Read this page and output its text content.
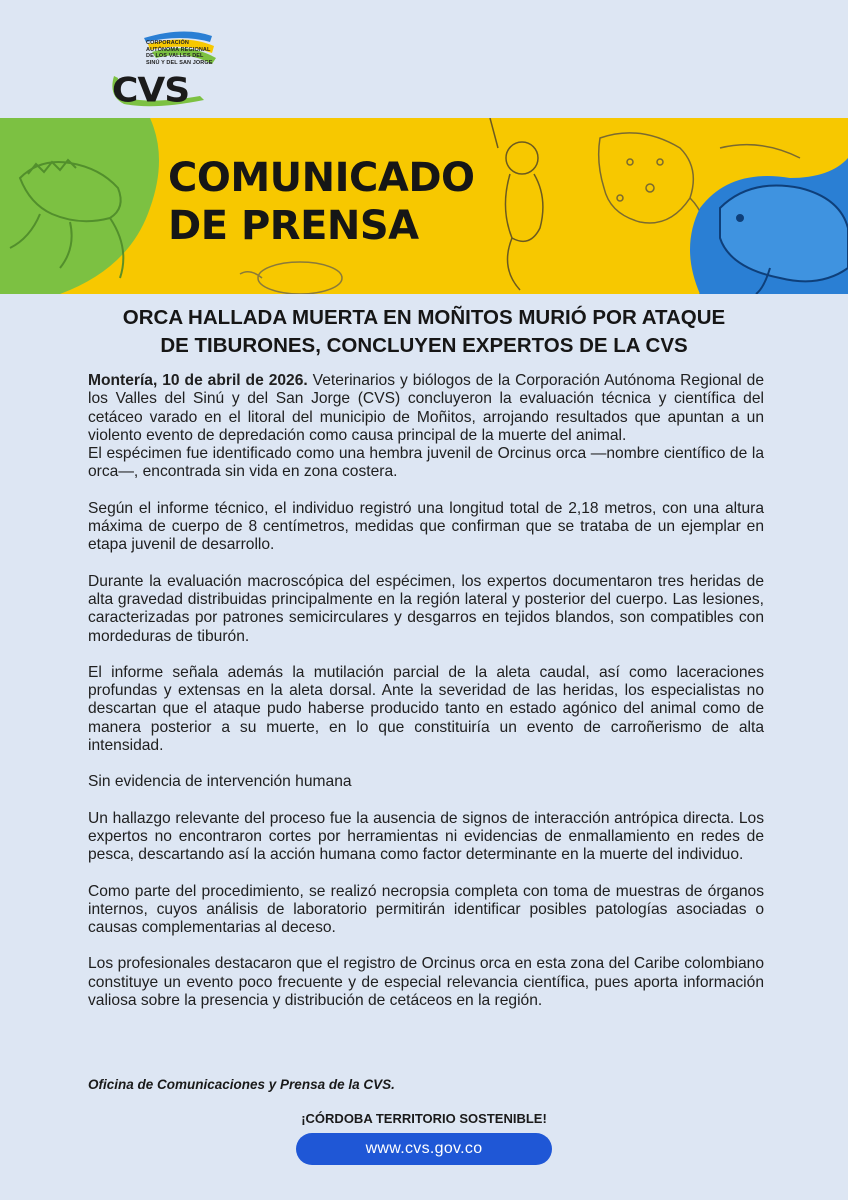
CORPORACIÓN
AUTÓNOMA REGIONAL
DE LOS VALLES DEL
SINÚ Y DEL SAN JORGE
CVS
COMUNICADO
DE PRENSA
ORCA HALLADA MUERTA EN MOÑITOS MURIÓ POR ATAQUE
DE TIBURONES, CONCLUYEN EXPERTOS DE LA CVS

Montería, 10 de abril de 2026. Veterinarios y biólogos de la Corporación Autónoma Regional de los Valles del Sinú y del San Jorge (CVS) concluyeron la evaluación técnica y científica del cetáceo varado en el litoral del municipio de Moñitos, arrojando resultados que apuntan a un violento evento de depredación como causa principal de la muerte del animal.

El espécimen fue identificado como una hembra juvenil de Orcinus orca —nombre científico de la orca—, encontrada sin vida en zona costera.

Según el informe técnico, el individuo registró una longitud total de 2,18 metros, con una altura máxima de cuerpo de 8 centímetros, medidas que confirman que se trataba de un ejemplar en etapa juvenil de desarrollo.

Durante la evaluación macroscópica del espécimen, los expertos documentaron tres heridas de alta gravedad distribuidas principalmente en la región lateral y posterior del cuerpo. Las lesiones, caracterizadas por patrones semicirculares y desgarros en tejidos blandos, son compatibles con mordeduras de tiburón.

El informe señala además la mutilación parcial de la aleta caudal, así como laceraciones profundas y extensas en la aleta dorsal. Ante la severidad de las heridas, los especialistas no descartan que el ataque pudo haberse producido tanto en estado agónico del animal como de manera posterior a su muerte, en lo que constituiría un evento de carroñerismo de alta intensidad.

Sin evidencia de intervención humana

Un hallazgo relevante del proceso fue la ausencia de signos de interacción antrópica directa. Los expertos no encontraron cortes por herramientas ni evidencias de enmallamiento en redes de pesca, descartando así la acción humana como factor determinante en la muerte del individuo.

Como parte del procedimiento, se realizó necropsia completa con toma de muestras de órganos internos, cuyos análisis de laboratorio permitirán identificar posibles patologías asociadas o causas complementarias al deceso.

Los profesionales destacaron que el registro de Orcinus orca en esta zona del Caribe colombiano constituye un evento poco frecuente y de especial relevancia científica, pues aporta información valiosa sobre la presencia y distribución de cetáceos en la región.

Oficina de Comunicaciones y Prensa de la CVS.
¡CÓRDOBA TERRITORIO SOSTENIBLE!
www.cvs.gov.co
